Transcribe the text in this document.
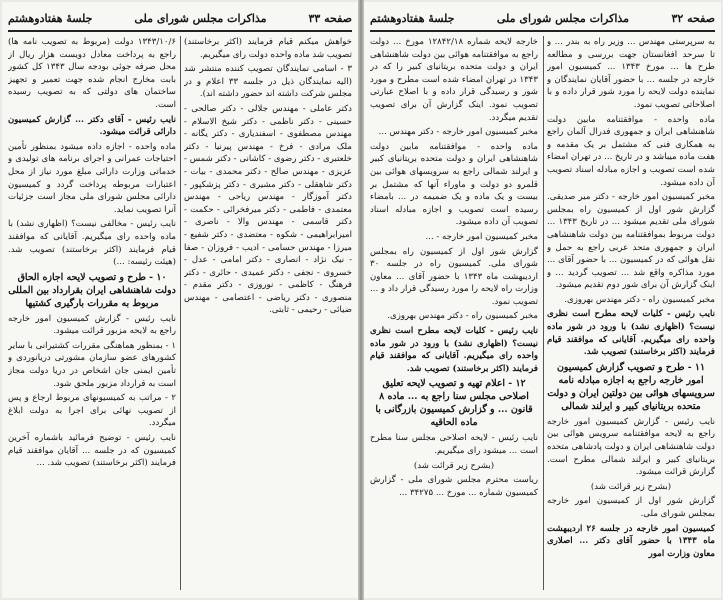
صفحه ۳۳
مذاکرات مجلس شورای ملی
جلسهٔ هفتادوهشتم
خواهش میکنم قیام فرمایند (اکثر برخاستند) تصویب شد ماده واحده دولت رای میگیریم.
۳ - اسامی نمایندگان تصویب کننده منتشر شد (الیه نمایندگان ذیل در جلسه ۳۳ اعلام و در مجلس شرکت داشته اند حضور داشته اند).
دکتر عاملی - مهندس جلالی - دکتر صالحی - حسینی - دکتر ناظمی - دکتر شیخ الاسلام - مهندس مصطفوی - اسفندیاری - دکتر یگانه - ملک مرادی - فرخ - مهندس پیرنیا - دکتر خلعتبری - دکتر رضوی - کاشانی - دکتر شمس - عزیزی - مهندس صالح - دکتر محمدی - بیات - دکتر شاهقلی - دکتر مشیری - دکتر پزشکپور - دکتر آموزگار - مهندس ریاحی - مهندس معتمدی - فاطمی - دکتر میرفخرائی - حکمت - دکتر قاسمی - مهندس والا - ناصری - امیرابراهیمی - شکوه - معتضدی - دکتر شفیع - میرزا - مهندس حسامی - ادیب - فروزان - صفا - نیک نژاد - انصاری - دکتر امامی - عدل - خسروی - نجفی - دکتر عمیدی - حائری - دکتر فرهنگ - کاظمی - نوروزی - دکتر مقدم - منصوری - دکتر ریاضی - اعتصامی - مهندس ضیائی - رحیمی - ثابتی.
۱۳۴۳/۱۰/۶ دولت (مربوط به تصویب نامه ها) راجع به پرداخت معادل دویست هزار ریال از محل صرفه جوئی بودجه سال ۱۳۴۳ کل کشور بابت مخارج انجام شده جهت تعمیر و تجهیز ساختمان های دولتی که به تصویب رسیده است.
نایب رئیس - آقای دکتر ... گزارش کمیسیون دارائی قرائت میشود.
ماده واحده - اجازه داده میشود بمنظور تأمین احتیاجات عمرانی و اجرای برنامه های تولیدی و خدماتی وزارت دارائی مبلغ مورد نیاز از محل اعتبارات مربوطه پرداخت گردد و کمیسیون دارائی مجلس شورای ملی مجاز است جزئیات آنرا تصویب نماید.
نایب رئیس - مخالفی نیست؟ (اظهاری نشد) با ماده واحده رای میگیریم. آقایانی که موافقند قیام فرمایند (اکثر برخاستند) تصویب شد. (هیئت رئیسه: ...)
۱۰ - طرح و تصویب لایحه اجازه الحاق دولت شاهنشاهی ایران بقرارداد بین المللی مربوط به مقررات بارگیری کشتیها
نایب رئیس - گزارش کمیسیون امور خارجه راجع به لایحه مزبور قرائت میشود.
۱ - بمنظور هماهنگی مقررات کشتیرانی با سایر کشورهای عضو سازمان مشورتی دریانوردی و تأمین ایمنی جان اشخاص در دریا دولت مجاز است به قرارداد مزبور ملحق شود.
۲ - مراتب به کمیسیونهای مربوط ارجاع و پس از تصویب نهائی برای اجرا به دولت ابلاغ میگردد.
نایب رئیس - توضیح فرمائید باشماره آخرین کمیسیون که در جلسه ... آقایان موافقند قیام فرمایند (اکثر برخاستند) تصویب شد. ...
صفحه ۳۲
مذاکرات مجلس شورای ملی
جلسهٔ هفتادوهشتم
به سرپرستی مهندس ... وزیر راه به بندر ... و تا سرحد افغانستان جهت بررسی و مطالعه طرح ها ... مورخ ۱۳۴۳ ... کمیسیون امور خارجه در جلسه ... با حضور آقایان نمایندگان و نماینده دولت لایحه را مورد شور قرار داده و با اصلاحاتی تصویب نمود.
ماده واحده - موافقتنامه مابین دولت شاهنشاهی ایران و جمهوری فدرال آلمان راجع به همکاری فنی که مشتمل بر یک مقدمه و هفت ماده میباشد و در تاریخ ... در تهران امضاء شده است تصویب و اجازه مبادله اسناد تصویب آن داده میشود.
مخبر کمیسیون امور خارجه - دکتر میر صدیقی. گزارش شور اول از کمیسیون راه بمجلس شورای ملی تقدیم میشود ... در تاریخ ۱۳۴۳ ... دولت مربوط بموافقتنامه بین دولت شاهنشاهی ایران و جمهوری متحد عربی راجع به حمل و نقل هوائی که در کمیسیون ... با حضور آقای ... مورد مذاکره واقع شد ... تصویب گردید ... و اینک گزارش آن برای شور دوم تقدیم میشود.
مخبر کمیسیون راه - دکتر مهندس بهروزی.
نایب رئیس - کلیات لایحه مطرح است نظری نیست؟ (اظهاری نشد) با ورود در شور ماده واحده رای میگیریم. آقایانی که موافقند قیام فرمایند (اکثر برخاستند) تصویب شد.
۱۱ - طرح و تصویب گزارش کمیسیون امور خارجه راجع به اجازه مبادله نامه سرویسهای هوائی بین دولتین ایران و دولت متحده بریتانیای کبیر و ایرلند شمالی
نایب رئیس - گزارش کمیسیون امور خارجه راجع به لایحه موافقتنامه سرویس هوائی بین دولت شاهنشاهی ایران و دولت پادشاهی متحده بریتانیای کبیر و ایرلند شمالی مطرح است. گزارش قرائت میشود.
(بشرح زیر قرائت شد)
گزارش شور اول از کمیسیون امور خارجه بمجلس شورای ملی.
کمیسیون امور خارجه در جلسه ۲۶ اردیبهشت ماه ۱۳۴۳ با حضور آقای دکتر ... اصلاری معاون وزارت امور
خارجه لایحه شماره ۱۲۸۴۲/۱۸ مورخ ... دولت راجع به موافقتنامه هوائی بین دولت شاهنشاهی ایران و دولت متحده بریتانیای کبیر را که در ۱۳۴۳ در تهران امضاء شده است مطرح و مورد شور و رسیدگی قرار داده و با اصلاح عبارتی تصویب نمود. اینک گزارش آن برای تصویب تقدیم میگردد.
مخبر کمیسیون امور خارجه - دکتر مهندس ...
ماده واحده - موافقتنامه مابین دولت شاهنشاهی ایران و دولت متحده بریتانیای کبیر و ایرلند شمالی راجع به سرویسهای هوائی بین قلمرو دو دولت و ماوراء آنها که مشتمل بر بیست و یک ماده و یک ضمیمه در ... بامضاء رسیده است تصویب و اجازه مبادله اسناد تصویب آن داده میشود.
مخبر کمیسیون امور خارجه - ...
گزارش شور اول از کمیسیون راه بمجلس شورای ملی. کمیسیون راه در جلسه ۳۰ اردیبهشت ماه ۱۳۴۳ با حضور آقای ... معاون وزارت راه لایحه را مورد رسیدگی قرار داد و ... تصویب نمود.
مخبر کمیسیون راه - دکتر مهندس بهروزی.
نایب رئیس - کلیات لایحه مطرح است نظری نیست؟ (اظهاری نشد) با ورود در شور ماده واحده رای میگیریم. آقایانی که موافقند قیام فرمایند (اکثر برخاستند) تصویب شد.
۱۲ - اعلام تهیه و تصویب لایحه تعلیق اصلاحی مجلس سنا راجع به ... ماده ۸ قانون ... و گزارش کمیسیون بازرگانی با ماده الحاقیه
نایب رئیس - لایحه اصلاحی مجلس سنا مطرح است ... میشود رای میگیریم.
(بشرح زیر قرائت شد)
ریاست محترم مجلس شورای ملی - گزارش کمیسیون شماره ... مورخ ... ۳۴۲۷۵ ...
